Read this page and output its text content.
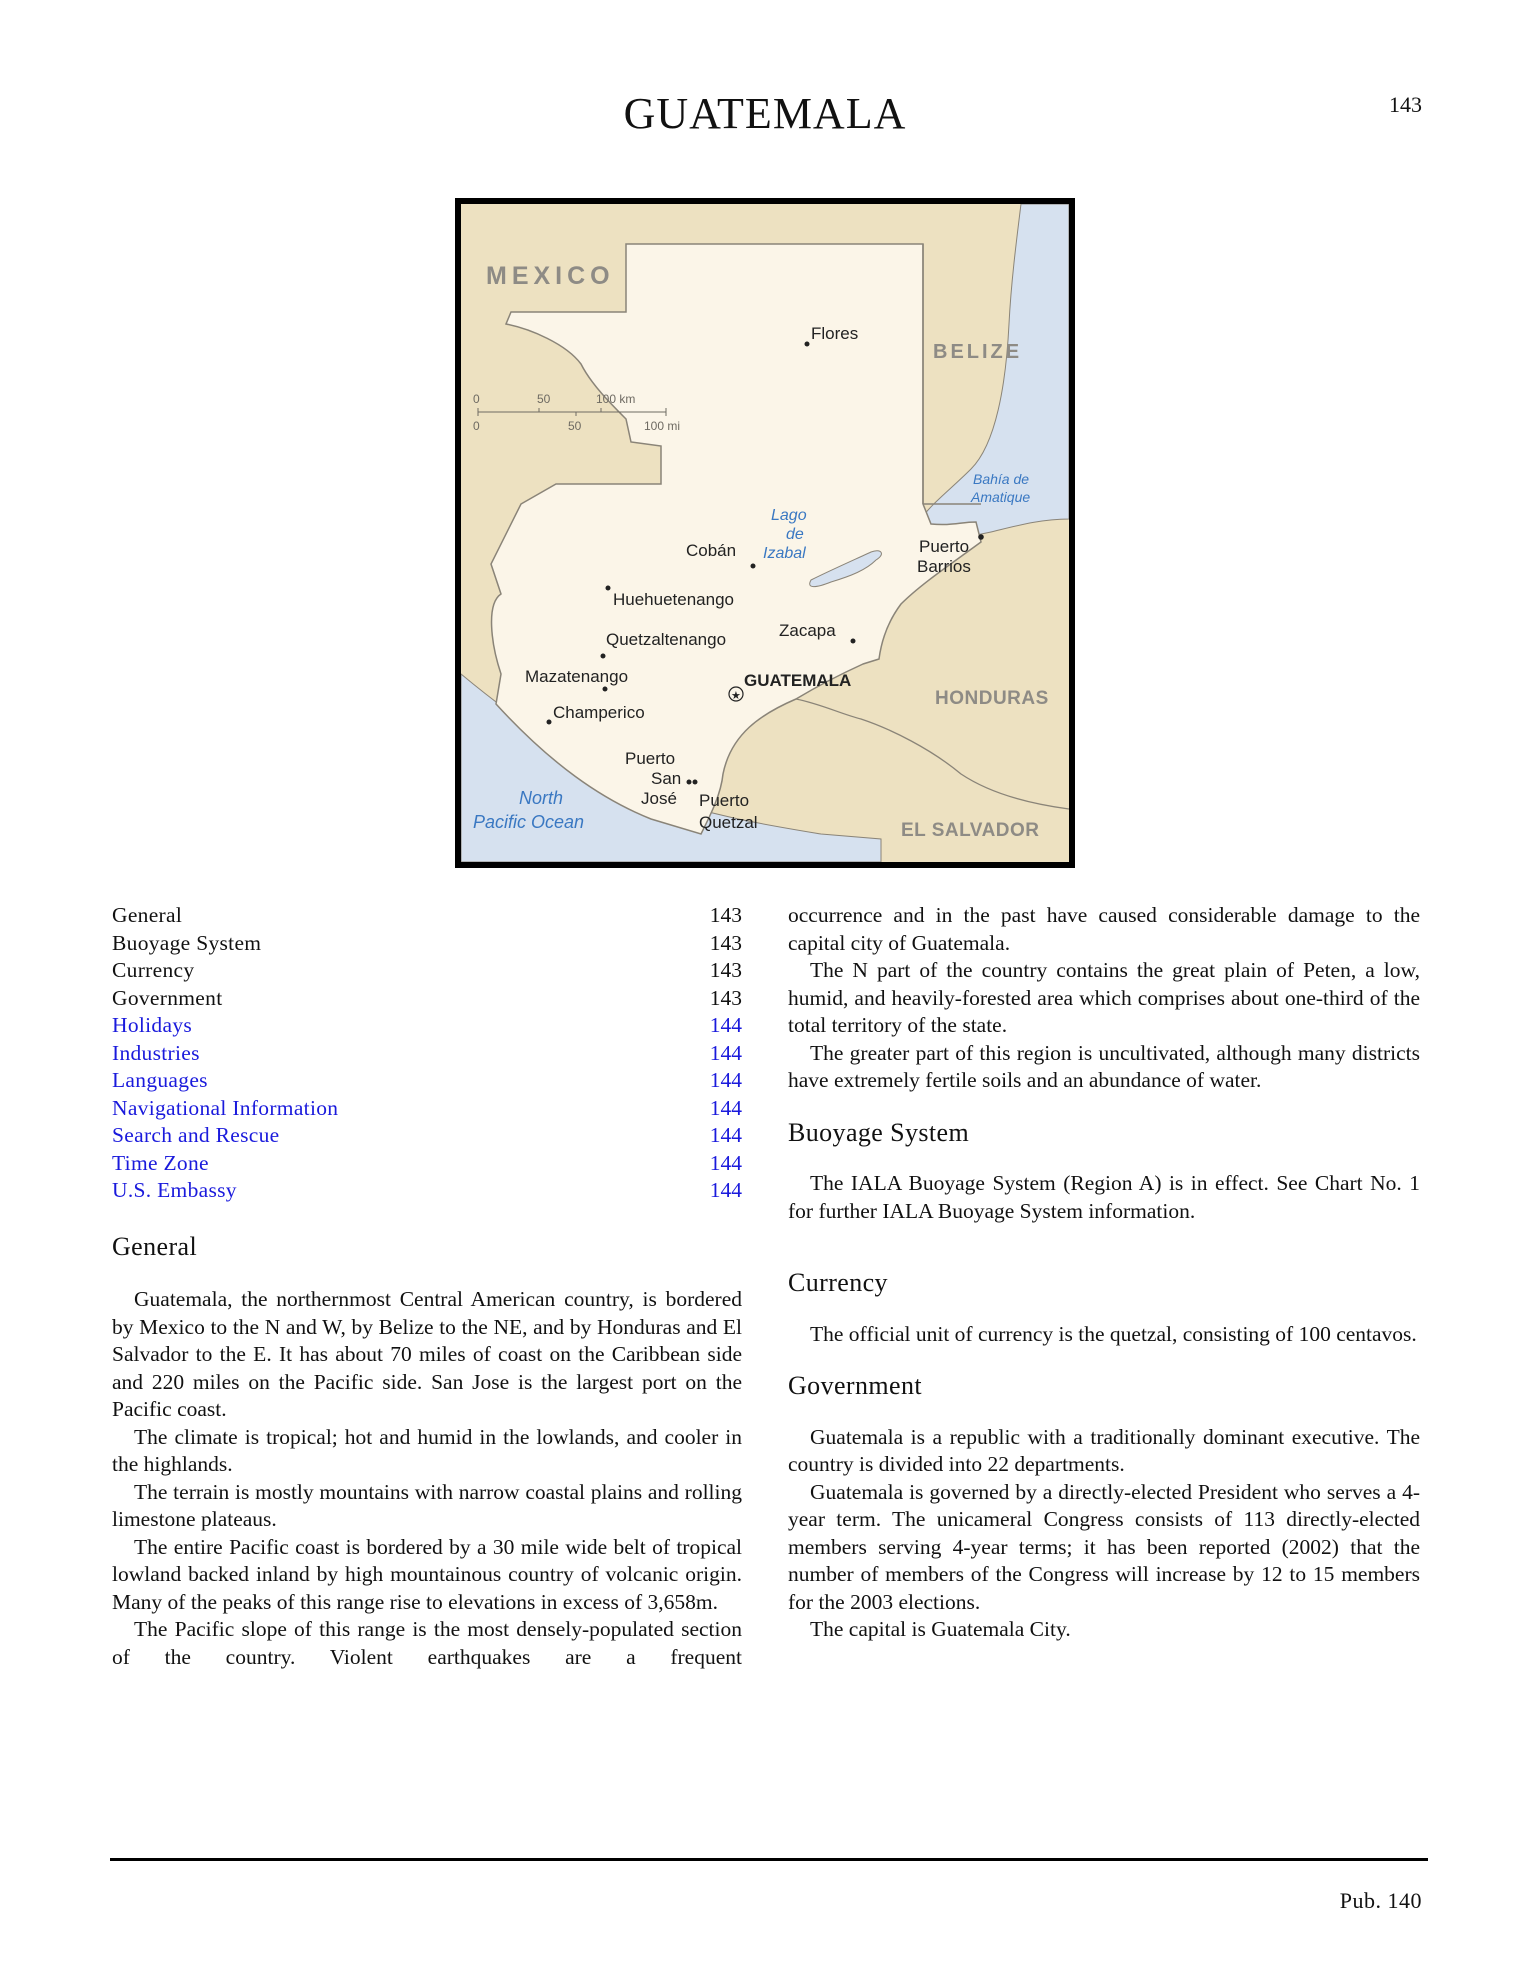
GUATEMALA	143
MEXICO
BELIZE
HONDURAS
EL SALVADOR
North
Pacific Ocean
Bahía de
Amatique
Lago
de
Izabal
0	50	100 km
0	50	100 mi
Flores
Cobán
Huehuetenango
Quetzaltenango
Mazatenango
Champerico
Zacapa
Puerto
Barrios
Puerto
San
José Puerto
Quetzal
★
GUATEMALA
General	143
Buoyage System	143
Currency	143
Government	143
Holidays	144
Industries	144
Languages	144
Navigational Information	144
Search and Rescue	144
Time Zone	144
U.S. Embassy	144
General

Guatemala, the northernmost Central American country, is bordered by Mexico to the N and W, by Belize to the NE, and by Honduras and El Salvador to the E. It has about 70 miles of coast on the Caribbean side and 220 miles on the Pacific side. San Jose is the largest port on the Pacific coast.

The climate is tropical; hot and humid in the lowlands, and cooler in the highlands.

The terrain is mostly mountains with narrow coastal plains and rolling limestone plateaus.

The entire Pacific coast is bordered by a 30 mile wide belt of tropical lowland backed inland by high mountainous country of volcanic origin. Many of the peaks of this range rise to elevations in excess of 3,658m.

The Pacific slope of this range is the most densely-populated section of the country. Violent earthquakes are a frequent

occurrence and in the past have caused considerable damage to the capital city of Guatemala.

The N part of the country contains the great plain of Peten, a low, humid, and heavily-forested area which comprises about one-third of the total territory of the state.

The greater part of this region is uncultivated, although many districts have extremely fertile soils and an abundance of water.

Buoyage System

The IALA Buoyage System (Region A) is in effect. See Chart No. 1 for further IALA Buoyage System information.

Currency

The official unit of currency is the quetzal, consisting of 100 centavos.

Government

Guatemala is a republic with a traditionally dominant executive. The country is divided into 22 departments.

Guatemala is governed by a directly-elected President who serves a 4-year term. The unicameral Congress consists of 113 directly-elected members serving 4-year terms; it has been reported (2002) that the number of members of the Congress will increase by 12 to 15 members for the 2003 elections.

The capital is Guatemala City.

Pub. 140
